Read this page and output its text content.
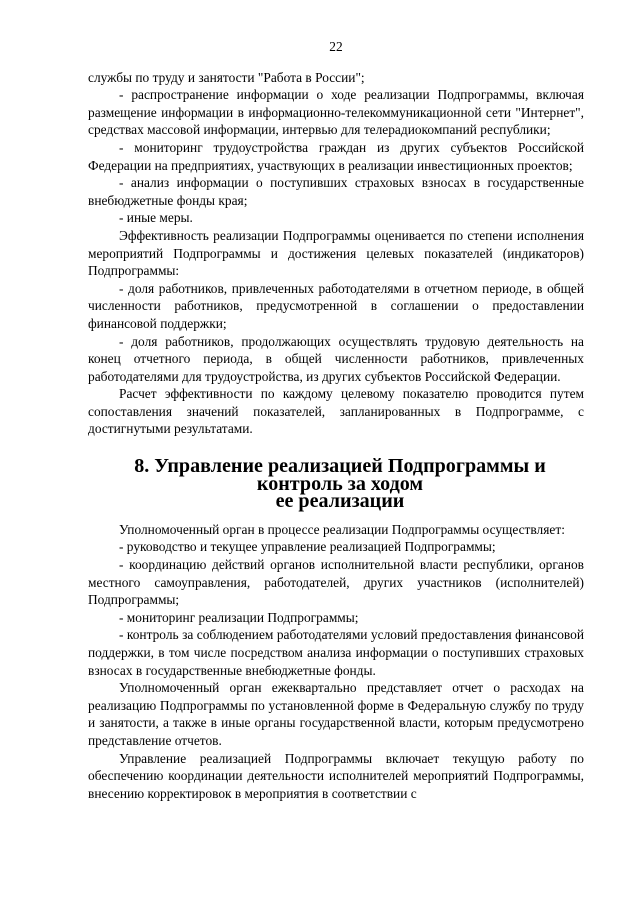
22

службы по труду и занятости "Работа в России";

- распространение информации о ходе реализации Подпрограммы, включая размещение информации в информационно-телекоммуникационной сети "Интернет", средствах массовой информации, интервью для телерадиокомпаний республики;

- мониторинг трудоустройства граждан из других субъектов Российской Федерации на предприятиях, участвующих в реализации инвестиционных проектов;

- анализ информации о поступивших страховых взносах в государственные внебюджетные фонды края;

- иные меры.

Эффективность реализации Подпрограммы оценивается по степени исполнения мероприятий Подпрограммы и достижения целевых показателей (индикаторов) Подпрограммы:

- доля работников, привлеченных работодателями в отчетном периоде, в общей численности работников, предусмотренной в соглашении о предоставлении финансовой поддержки;

- доля работников, продолжающих осуществлять трудовую деятельность на конец отчетного периода, в общей численности работников, привлеченных работодателями для трудоустройства, из других субъектов Российской Федерации.

Расчет эффективности по каждому целевому показателю проводится путем сопоставления значений показателей, запланированных в Подпрограмме, с достигнутыми результатами.

8. Управление реализацией Подпрограммы и контроль за ходом
ее реализации

Уполномоченный орган в процессе реализации Подпрограммы осуществляет:

- руководство и текущее управление реализацией Подпрограммы;

- координацию действий органов исполнительной власти республики, органов местного самоуправления, работодателей, других участников (исполнителей) Подпрограммы;

- мониторинг реализации Подпрограммы;

- контроль за соблюдением работодателями условий предоставления финансовой поддержки, в том числе посредством анализа информации о поступивших страховых взносах в государственные внебюджетные фонды.

Уполномоченный орган ежеквартально представляет отчет о расходах на реализацию Подпрограммы по установленной форме в Федеральную службу по труду и занятости, а также в иные органы государственной власти, которым предусмотрено представление отчетов.

Управление реализацией Подпрограммы включает текущую работу по обеспечению координации деятельности исполнителей мероприятий Подпрограммы, внесению корректировок в мероприятия в соответствии с
